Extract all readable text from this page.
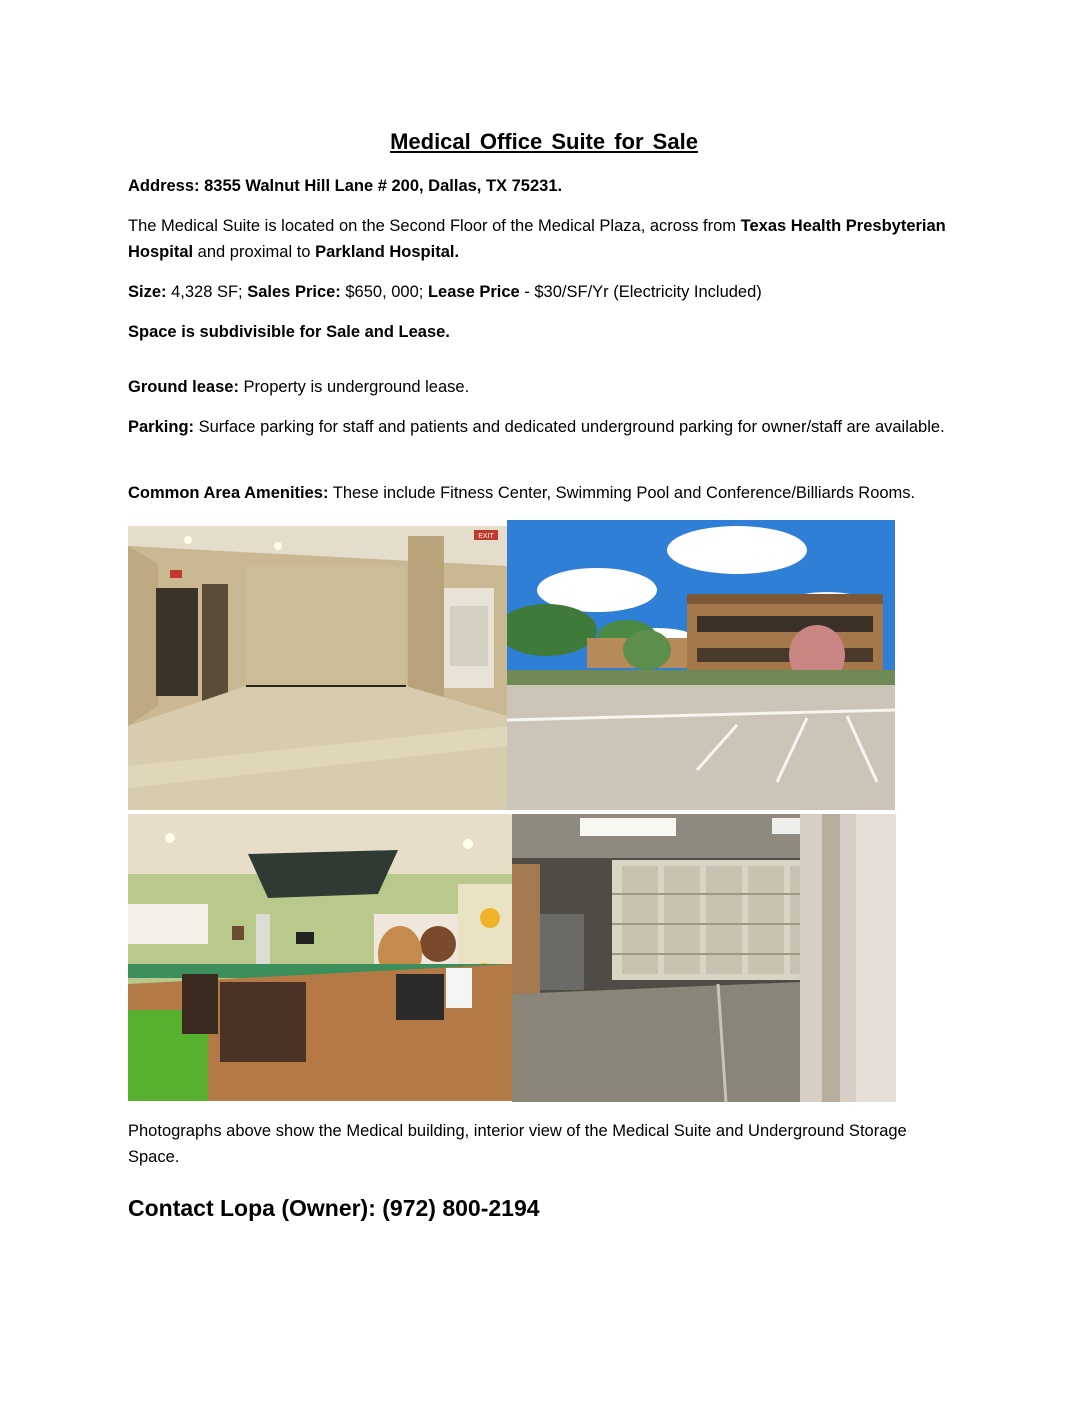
Medical Office Suite for Sale
Address: 8355 Walnut Hill Lane # 200, Dallas, TX 75231.
The Medical Suite is located on the Second Floor of the Medical Plaza, across from Texas Health Presbyterian Hospital and proximal to Parkland Hospital.
Size: 4,328 SF; Sales Price: $650, 000; Lease Price - $30/SF/Yr (Electricity Included)
Space is subdivisible for Sale and Lease.
Ground lease: Property is underground lease.
Parking: Surface parking for staff and patients and dedicated underground parking for owner/staff are available.
Common Area Amenities: These include Fitness Center, Swimming Pool and Conference/Billiards Rooms.
EXIT
Photographs above show the Medical building, interior view of the Medical Suite and Underground Storage Space.
Contact Lopa (Owner): (972) 800-2194
